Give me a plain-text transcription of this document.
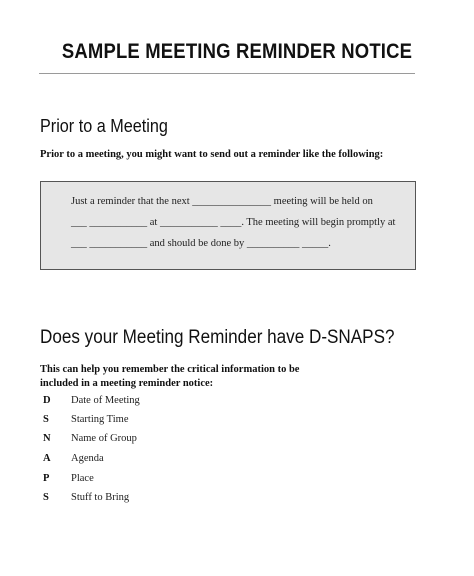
SAMPLE MEETING REMINDER NOTICE
Prior to a Meeting
Prior to a meeting, you might want to send out a reminder like the following:
Just a reminder that the next _______________ meeting will be held on
___ ___________ at ___________ ____. The meeting will begin promptly at
___ ___________ and should be done by __________ _____.
Does your Meeting Reminder have D-SNAPS?
This can help you remember the critical information to be
included in a meeting reminder notice:
D Date of Meeting
S Starting Time
N Name of Group
A Agenda
P Place
S Stuff to Bring
